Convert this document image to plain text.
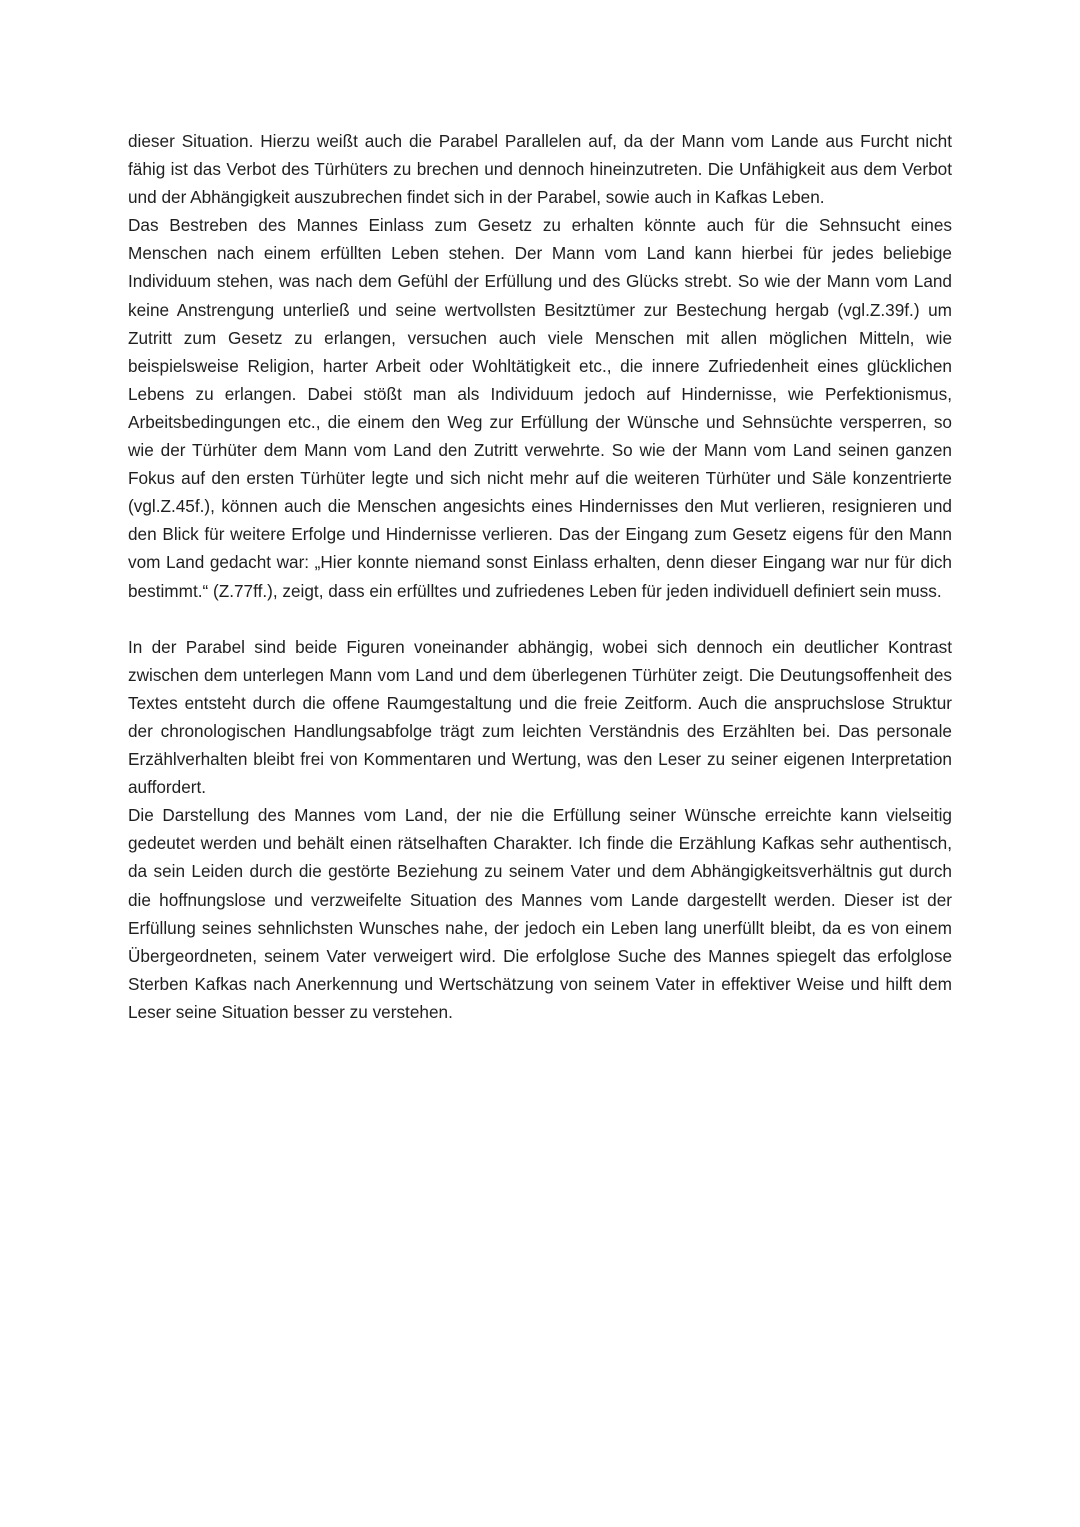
dieser Situation. Hierzu weißt auch die Parabel Parallelen auf, da der Mann vom Lande aus Furcht nicht fähig ist das Verbot des Türhüters zu brechen und dennoch hineinzutreten. Die Unfähigkeit aus dem Verbot und der Abhängigkeit auszubrechen findet sich in der Parabel, sowie auch in Kafkas Leben.

Das Bestreben des Mannes Einlass zum Gesetz zu erhalten könnte auch für die Sehnsucht eines Menschen nach einem erfüllten Leben stehen. Der Mann vom Land kann hierbei für jedes beliebige Individuum stehen, was nach dem Gefühl der Erfüllung und des Glücks strebt. So wie der Mann vom Land keine Anstrengung unterließ und seine wertvollsten Besitztümer zur Bestechung hergab (vgl.Z.39f.) um Zutritt zum Gesetz zu erlangen, versuchen auch viele Menschen mit allen möglichen Mitteln, wie beispielsweise Religion, harter Arbeit oder Wohltätigkeit etc., die innere Zufriedenheit eines glücklichen Lebens zu erlangen. Dabei stößt man als Individuum jedoch auf Hindernisse, wie Perfektionismus, Arbeitsbedingungen etc., die einem den Weg zur Erfüllung der Wünsche und Sehnsüchte versperren, so wie der Türhüter dem Mann vom Land den Zutritt verwehrte. So wie der Mann vom Land seinen ganzen Fokus auf den ersten Türhüter legte und sich nicht mehr auf die weiteren Türhüter und Säle konzentrierte (vgl.Z.45f.), können auch die Menschen angesichts eines Hindernisses den Mut verlieren, resignieren und den Blick für weitere Erfolge und Hindernisse verlieren. Das der Eingang zum Gesetz eigens für den Mann vom Land gedacht war: „Hier konnte niemand sonst Einlass erhalten, denn dieser Eingang war nur für dich bestimmt.“ (Z.77ff.), zeigt, dass ein erfülltes und zufriedenes Leben für jeden individuell definiert sein muss.

In der Parabel sind beide Figuren voneinander abhängig, wobei sich dennoch ein deutlicher Kontrast zwischen dem unterlegen Mann vom Land und dem überlegenen Türhüter zeigt. Die Deutungsoffenheit des Textes entsteht durch die offene Raumgestaltung und die freie Zeitform. Auch die anspruchslose Struktur der chronologischen Handlungsabfolge trägt zum leichten Verständnis des Erzählten bei. Das personale Erzählverhalten bleibt frei von Kommentaren und Wertung, was den Leser zu seiner eigenen Interpretation auffordert.

Die Darstellung des Mannes vom Land, der nie die Erfüllung seiner Wünsche erreichte kann vielseitig gedeutet werden und behält einen rätselhaften Charakter. Ich finde die Erzählung Kafkas sehr authentisch, da sein Leiden durch die gestörte Beziehung zu seinem Vater und dem Abhängigkeitsverhältnis gut durch die hoffnungslose und verzweifelte Situation des Mannes vom Lande dargestellt werden. Dieser ist der Erfüllung seines sehnlichsten Wunsches nahe, der jedoch ein Leben lang unerfüllt bleibt, da es von einem Übergeordneten, seinem Vater verweigert wird. Die erfolglose Suche des Mannes spiegelt das erfolglose Sterben Kafkas nach Anerkennung und Wertschätzung von seinem Vater in effektiver Weise und hilft dem Leser seine Situation besser zu verstehen.
